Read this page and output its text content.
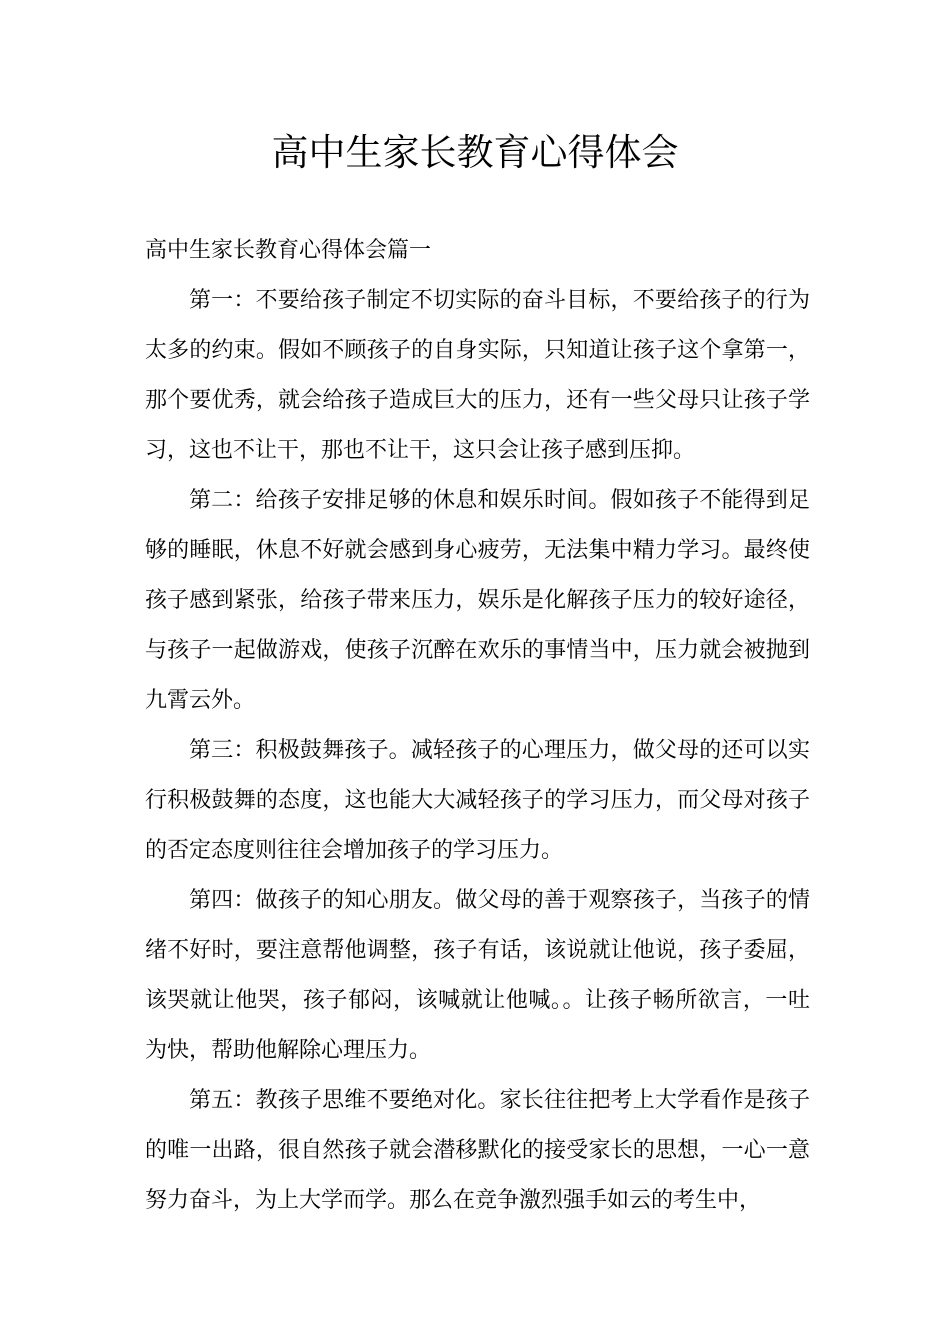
高中生家长教育心得体会

高中生家长教育心得体会篇一

第一：不要给孩子制定不切实际的奋斗目标，不要给孩子的行为太多的约束。假如不顾孩子的自身实际，只知道让孩子这个拿第一，那个要优秀，就会给孩子造成巨大的压力，还有一些父母只让孩子学习，这也不让干，那也不让干，这只会让孩子感到压抑。

第二：给孩子安排足够的休息和娱乐时间。假如孩子不能得到足够的睡眠，休息不好就会感到身心疲劳，无法集中精力学习。最终使孩子感到紧张，给孩子带来压力，娱乐是化解孩子压力的较好途径，与孩子一起做游戏，使孩子沉醉在欢乐的事情当中，压力就会被抛到九霄云外。

第三：积极鼓舞孩子。减轻孩子的心理压力，做父母的还可以实行积极鼓舞的态度，这也能大大减轻孩子的学习压力，而父母对孩子的否定态度则往往会增加孩子的学习压力。

第四：做孩子的知心朋友。做父母的善于观察孩子，当孩子的情绪不好时，要注意帮他调整，孩子有话，该说就让他说，孩子委屈，该哭就让他哭，孩子郁闷，该喊就让他喊。。让孩子畅所欲言，一吐为快，帮助他解除心理压力。

第五：教孩子思维不要绝对化。家长往往把考上大学看作是孩子的唯一出路，很自然孩子就会潜移默化的接受家长的思想，一心一意努力奋斗，为上大学而学。那么在竞争激烈强手如云的考生中，
